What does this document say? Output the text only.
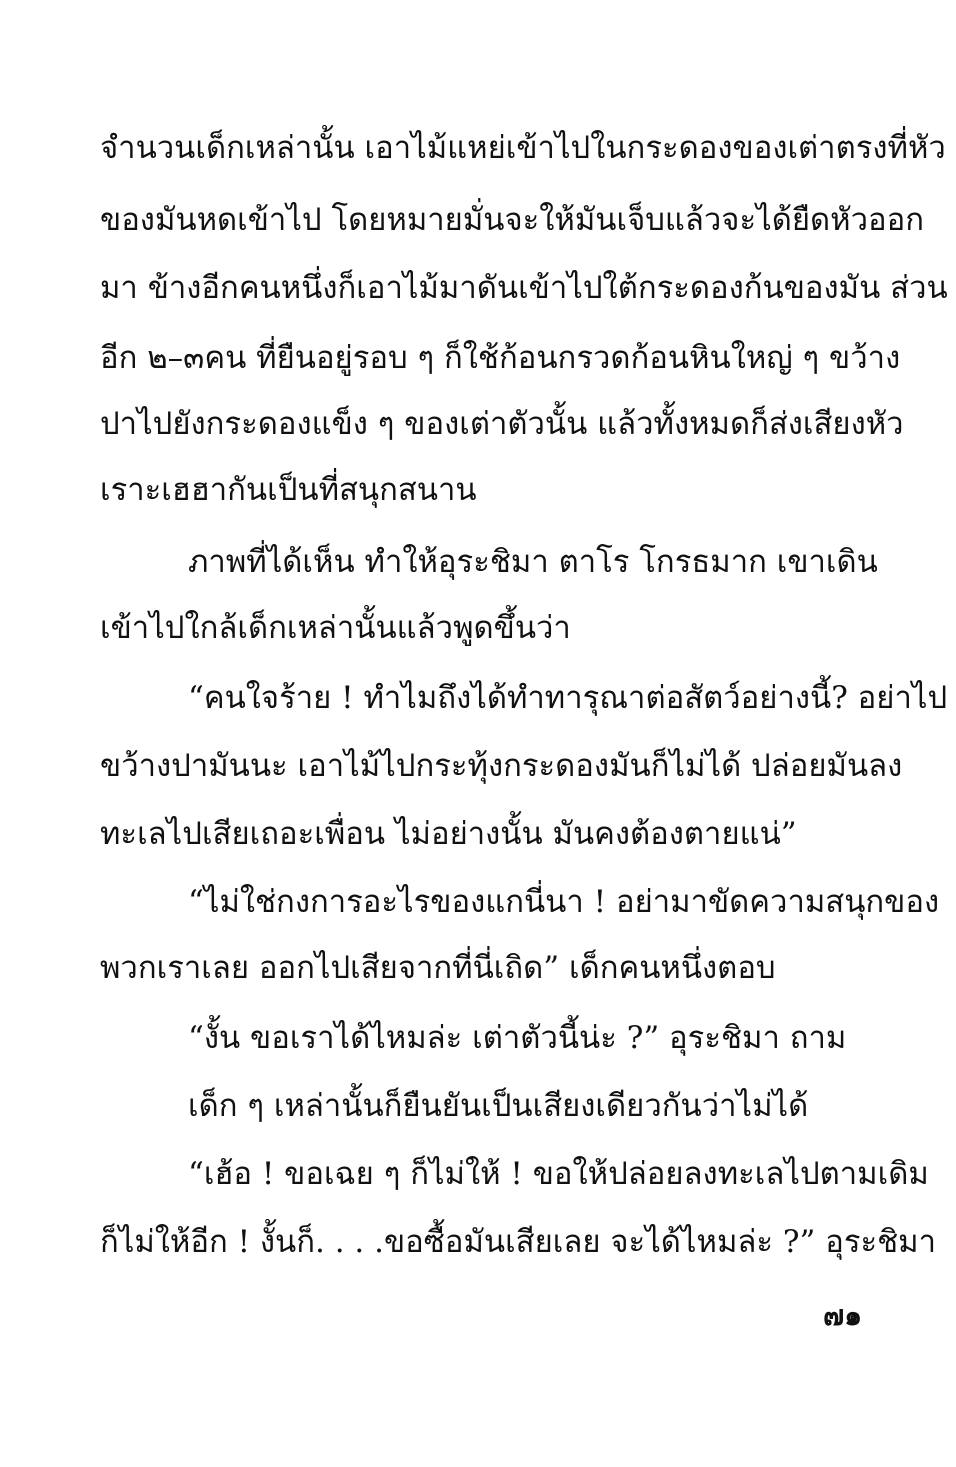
จำนวนเด็กเหล่านั้น เอาไม้แหย่เข้าไปในกระดองของเต่าตรงที่หัว
ของมันหดเข้าไป โดยหมายมั่นจะให้มันเจ็บแล้วจะได้ยืดหัวออก
มา ข้างอีกคนหนึ่งก็เอาไม้มาดันเข้าไปใต้กระดองก้นของมัน ส่วน
อีก ๒–๓คน ที่ยืนอยู่รอบ ๆ ก็ใช้ก้อนกรวดก้อนหินใหญ่ ๆ ขว้าง
ปาไปยังกระดองแข็ง ๆ ของเต่าตัวนั้น แล้วทั้งหมดก็ส่งเสียงหัว
เราะเฮฮากันเป็นที่สนุกสนาน
ภาพที่ได้เห็น ทำให้อุระชิมา ตาโร โกรธมาก เขาเดิน
เข้าไปใกล้เด็กเหล่านั้นแล้วพูดขึ้นว่า
“คนใจร้าย ! ทำไมถึงได้ทำทารุณาต่อสัตว์อย่างนี้? อย่าไป
ขว้างปามันนะ เอาไม้ไปกระทุ้งกระดองมันก็ไม่ได้ ปล่อยมันลง
ทะเลไปเสียเถอะเพื่อน ไม่อย่างนั้น มันคงต้องตายแน่”
“ไม่ใช่กงการอะไรของแกนี่นา ! อย่ามาขัดความสนุกของ
พวกเราเลย ออกไปเสียจากที่นี่เถิด” เด็กคนหนึ่งตอบ
“งั้น ขอเราได้ไหมล่ะ เต่าตัวนี้น่ะ ?” อุระชิมา ถาม
เด็ก ๆ เหล่านั้นก็ยืนยันเป็นเสียงเดียวกันว่าไม่ได้
“เฮ้อ ! ขอเฉย ๆ ก็ไม่ให้ ! ขอให้ปล่อยลงทะเลไปตามเดิม
ก็ไม่ให้อีก ! งั้นก็. . . .ขอซื้อมันเสียเลย จะได้ไหมล่ะ ?” อุระชิมา
๗๑
